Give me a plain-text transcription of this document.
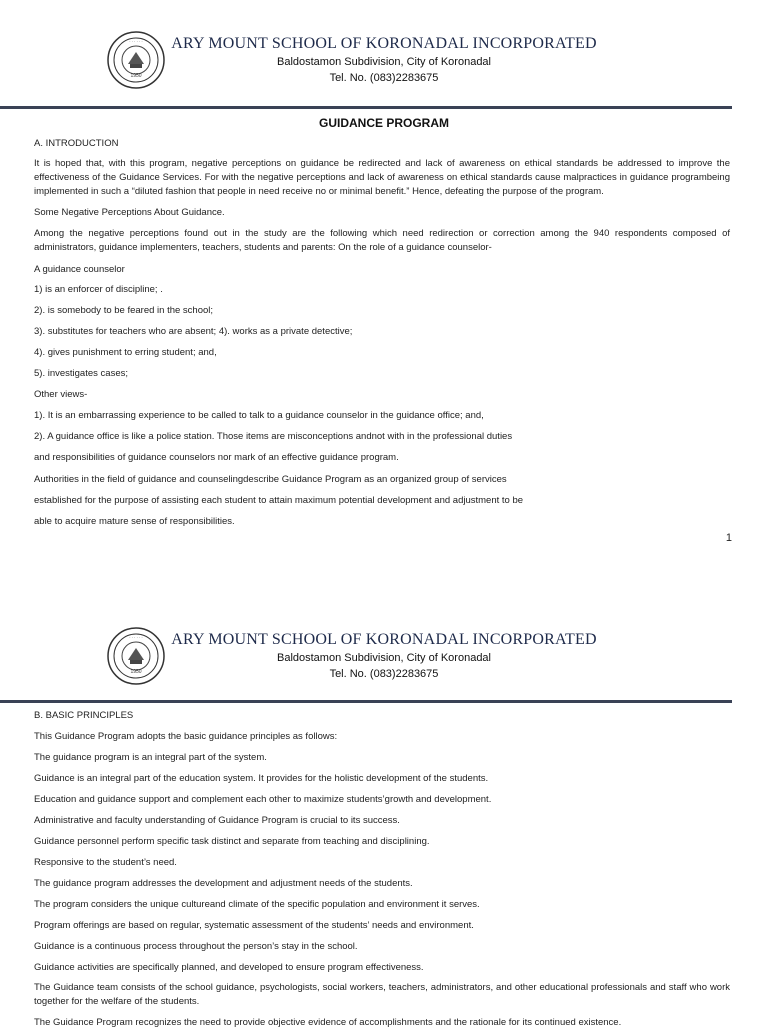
1950
· · · · · ·	ARY MOUNT SCHOOL OF KORONADAL INCORPORATED
Baldostamon Subdivision, City of Koronadal
Tel. No. (083)2283675
GUIDANCE PROGRAM
A. INTRODUCTION
It is hoped that, with this program, negative perceptions on guidance be redirected and lack of awareness on ethical standards be addressed to improve the effectiveness of the Guidance Services. For with the negative perceptions and lack of awareness on ethical standards cause malpractices in guidance programbeing implemented in such a “diluted fashion that people in need receive no or minimal benefit.” Hence, defeating the purpose of the program.
Some Negative Perceptions About Guidance.
Among the negative perceptions found out in the study are the following which need redirection or correction among the 940 respondents composed of administrators, guidance implementers, teachers, students and parents: On the role of a guidance counselor-
A guidance counselor
1) is an enforcer of discipline; .
2). is somebody to be feared in the school;
3). substitutes for teachers who are absent; 4). works as a private detective;
4). gives punishment to erring student; and,
5). investigates cases;
Other views-
1). It is an embarrassing experience to be called to talk to a guidance counselor in the guidance office; and,
2). A guidance office is like a police station. Those items are misconceptions andnot with in the professional duties
and responsibilities of guidance counselors nor mark of an effective guidance program.
Authorities in the field of guidance and counselingdescribe Guidance Program as an organized group of services
established for the purpose of assisting each student to attain maximum potential development and adjustment to be
able to acquire mature sense of responsibilities.
1
1950
· · · · · ·	ARY MOUNT SCHOOL OF KORONADAL INCORPORATED
Baldostamon Subdivision, City of Koronadal
Tel. No. (083)2283675
B. BASIC PRINCIPLES
This Guidance Program adopts the basic guidance principles as follows:
The guidance program is an integral part of the system.
Guidance is an integral part of the education system. It provides for the holistic development of the students.
Education and guidance support and complement each other to maximize students’growth and development.
Administrative and faculty understanding of Guidance Program is crucial to its success.
Guidance personnel perform specific task distinct and separate from teaching and disciplining.
Responsive to the student’s need.
The guidance program addresses the development and adjustment needs of the students.
The program considers the unique cultureand climate of the specific population and environment it serves.
Program offerings are based on regular, systematic assessment of the students’ needs and environment.
Guidance is a continuous process throughout the person’s stay in the school.
Guidance activities are specifically planned, and developed to ensure program effectiveness.
The Guidance team consists of the school guidance, psychologists, social workers, teachers, administrators, and other educational professionals and staff who work together for the welfare of the students.
The Guidance Program recognizes the need to provide objective evidence of accomplishments and the rationale for its continued existence.
